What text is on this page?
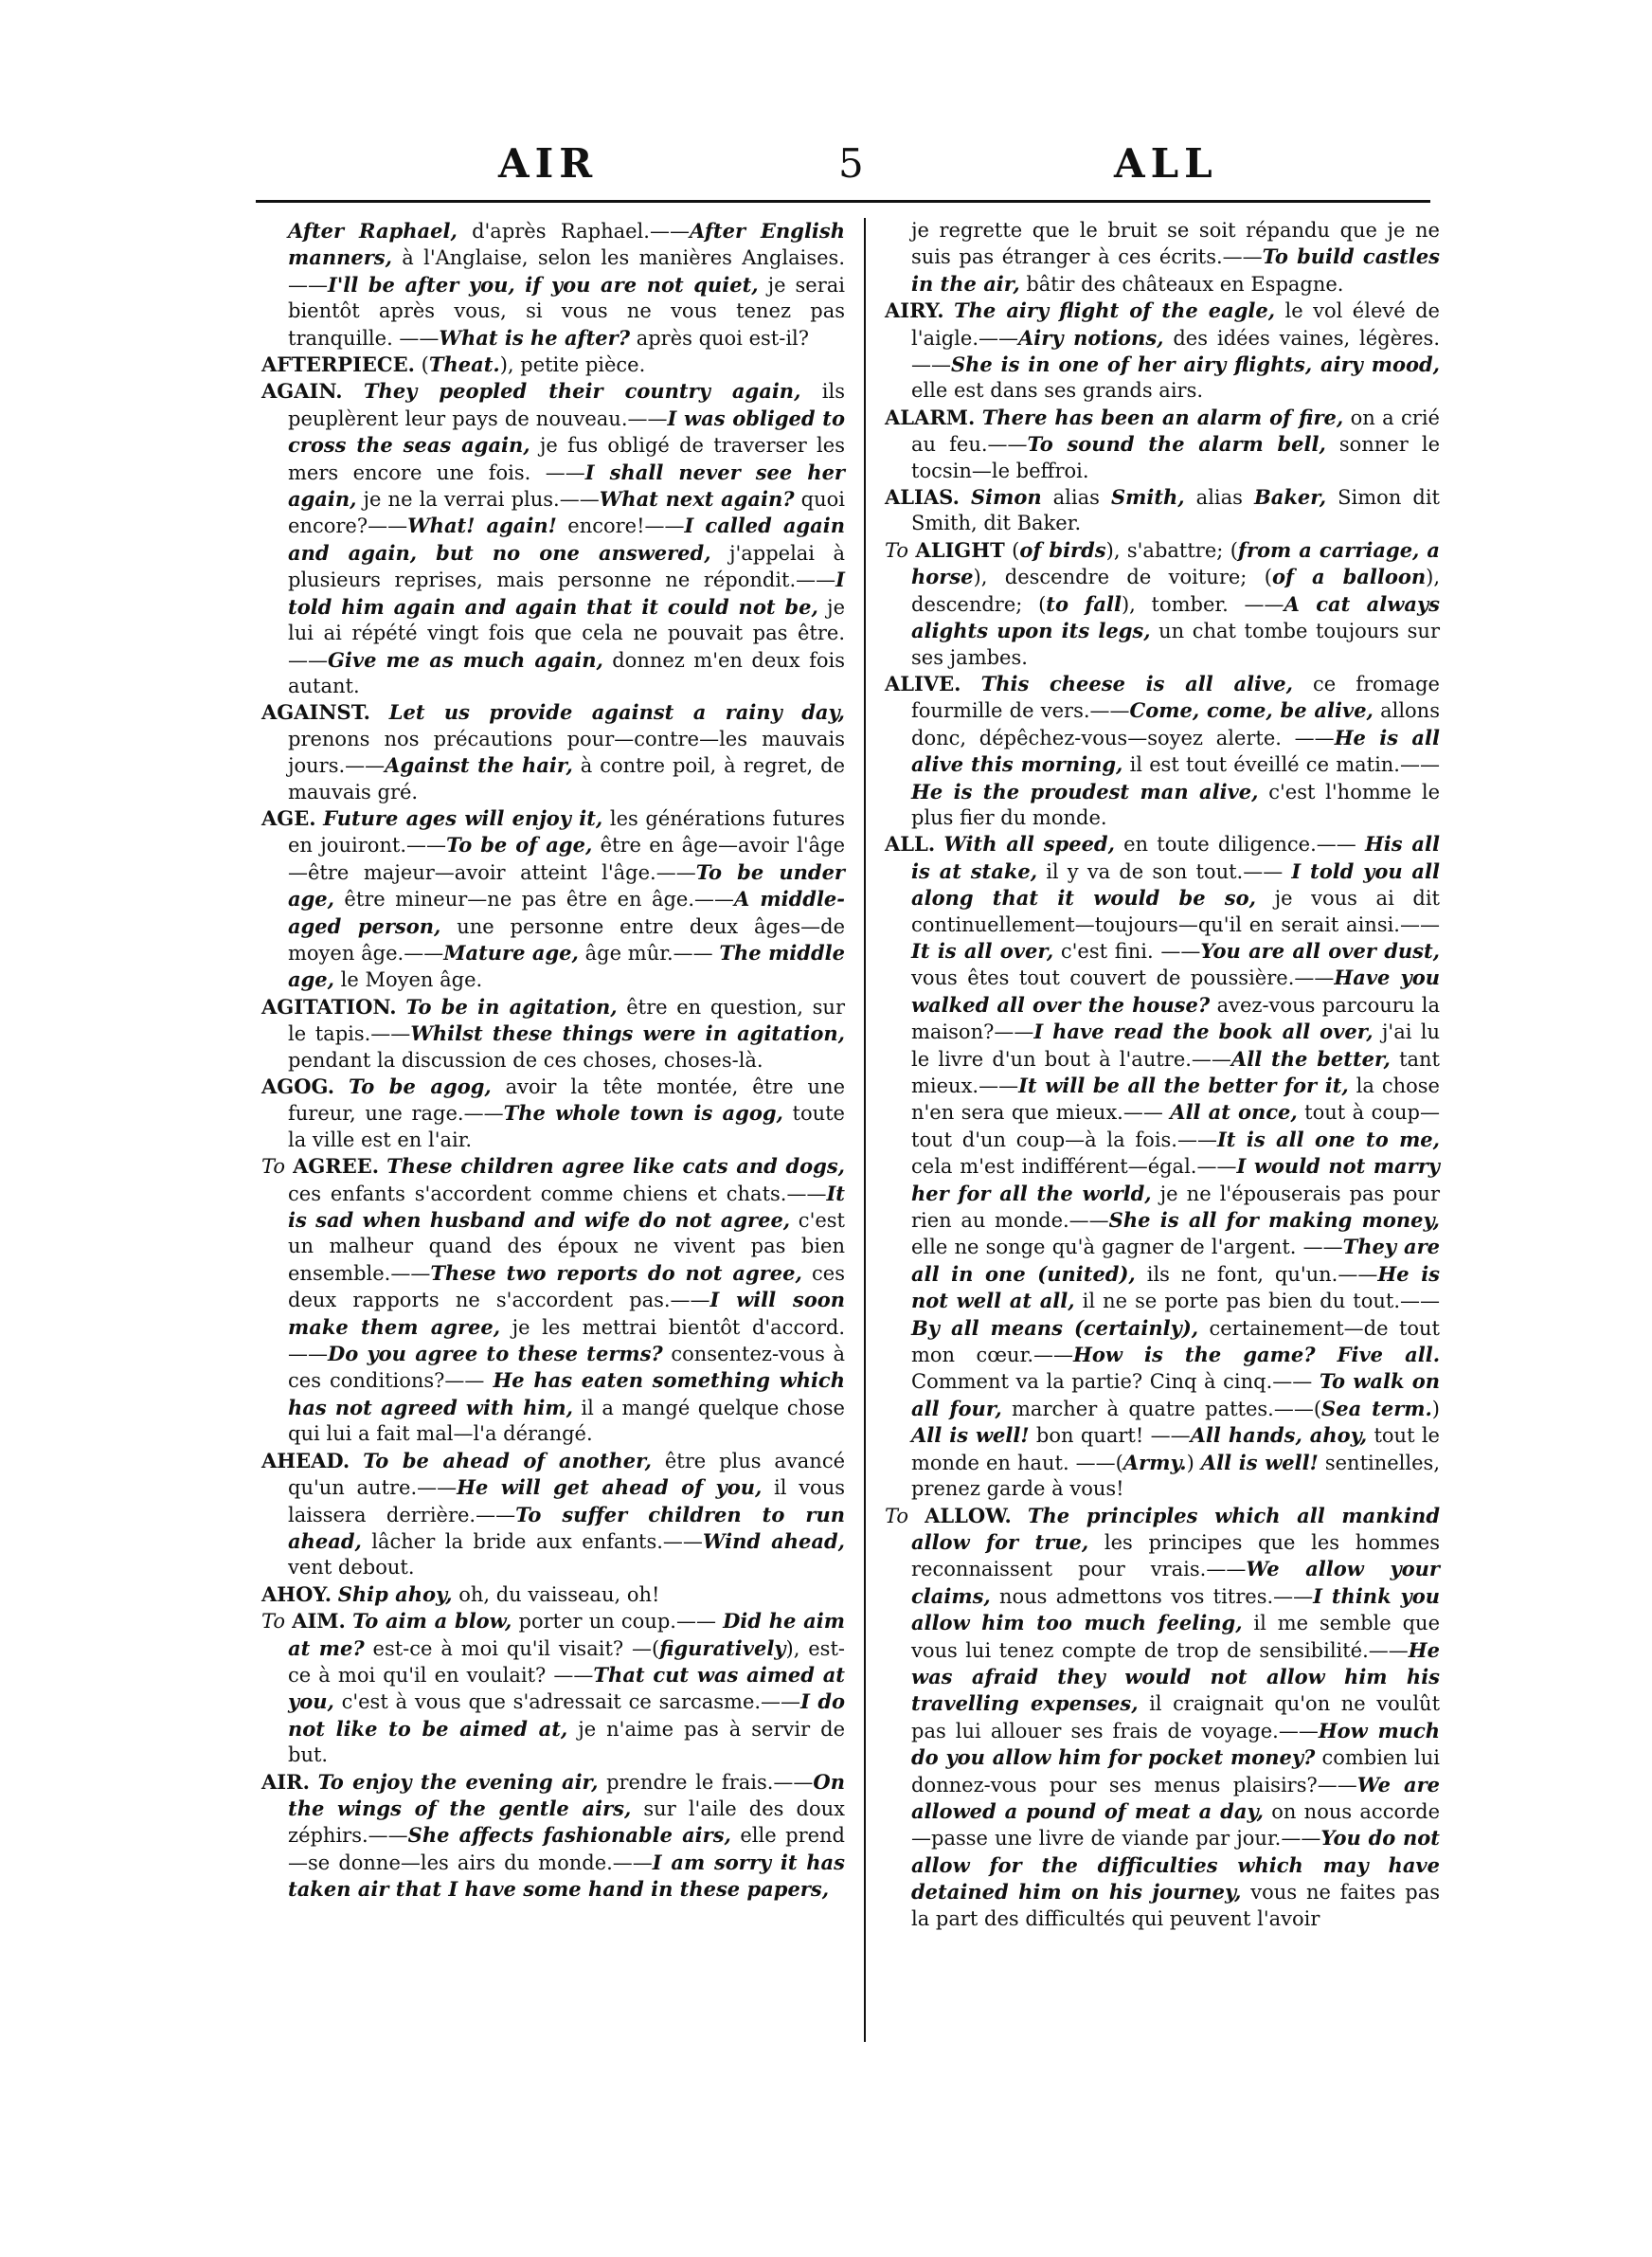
AIR	5	ALL

After Raphael, d'après Raphael.——After English manners, à l'Anglaise, selon les manières Anglaises.——I'll be after you, if you are not quiet, je serai bientôt après vous, si vous ne vous tenez pas tranquille. ——What is he after? après quoi est-il?

AFTERPIECE. (Theat.), petite pièce.

AGAIN. They peopled their country again, ils peuplèrent leur pays de nouveau.——I was obliged to cross the seas again, je fus obligé de traverser les mers encore une fois. ——I shall never see her again, je ne la verrai plus.——What next again? quoi encore?——What! again! encore!——I called again and again, but no one answered, j'appelai à plusieurs reprises, mais personne ne répondit.——I told him again and again that it could not be, je lui ai répété vingt fois que cela ne pouvait pas être. ——Give me as much again, donnez m'en deux fois autant.

AGAINST. Let us provide against a rainy day, prenons nos précautions pour—contre—les mauvais jours.——Against the hair, à contre poil, à regret, de mauvais gré.

AGE. Future ages will enjoy it, les générations futures en jouiront.——To be of age, être en âge—avoir l'âge—être majeur—avoir atteint l'âge.——To be under age, être mineur—ne pas être en âge.——A middle-aged person, une personne entre deux âges—de moyen âge.——Mature age, âge mûr.—— The middle age, le Moyen âge.

AGITATION. To be in agitation, être en question, sur le tapis.——Whilst these things were in agitation, pendant la discussion de ces choses, choses-là.

AGOG. To be agog, avoir la tête montée, être une fureur, une rage.——The whole town is agog, toute la ville est en l'air.

To AGREE. These children agree like cats and dogs, ces enfants s'accordent comme chiens et chats.——It is sad when husband and wife do not agree, c'est un malheur quand des époux ne vivent pas bien ensemble.——These two reports do not agree, ces deux rapports ne s'accordent pas.——I will soon make them agree, je les mettrai bientôt d'accord.——Do you agree to these terms? consentez-vous à ces conditions?—— He has eaten something which has not agreed with him, il a mangé quelque chose qui lui a fait mal—l'a dérangé.

AHEAD. To be ahead of another, être plus avancé qu'un autre.——He will get ahead of you, il vous laissera derrière.——To suffer children to run ahead, lâcher la bride aux enfants.——Wind ahead, vent debout.

AHOY. Ship ahoy, oh, du vaisseau, oh!

To AIM. To aim a blow, porter un coup.—— Did he aim at me? est-ce à moi qu'il visait? —(figuratively), est-ce à moi qu'il en voulait? ——That cut was aimed at you, c'est à vous que s'adressait ce sarcasme.——I do not like to be aimed at, je n'aime pas à servir de but.

AIR. To enjoy the evening air, prendre le frais.——On the wings of the gentle airs, sur l'aile des doux zéphirs.——She affects fashionable airs, elle prend—se donne—les airs du monde.——I am sorry it has taken air that I have some hand in these papers,

je regrette que le bruit se soit répandu que je ne suis pas étranger à ces écrits.——To build castles in the air, bâtir des châteaux en Espagne.

AIRY. The airy flight of the eagle, le vol élevé de l'aigle.——Airy notions, des idées vaines, légères.——She is in one of her airy flights, airy mood, elle est dans ses grands airs.

ALARM. There has been an alarm of fire, on a crié au feu.——To sound the alarm bell, sonner le tocsin—le beffroi.

ALIAS. Simon alias Smith, alias Baker, Simon dit Smith, dit Baker.

To ALIGHT (of birds), s'abattre; (from a carriage, a horse), descendre de voiture; (of a balloon), descendre; (to fall), tomber. ——A cat always alights upon its legs, un chat tombe toujours sur ses jambes.

ALIVE. This cheese is all alive, ce fromage fourmille de vers.——Come, come, be alive, allons donc, dépêchez-vous—soyez alerte. ——He is all alive this morning, il est tout éveillé ce matin.——He is the proudest man alive, c'est l'homme le plus fier du monde.

ALL. With all speed, en toute diligence.—— His all is at stake, il y va de son tout.—— I told you all along that it would be so, je vous ai dit continuellement—toujours—qu'il en serait ainsi.——It is all over, c'est fini. ——You are all over dust, vous êtes tout couvert de poussière.——Have you walked all over the house? avez-vous parcouru la maison?——I have read the book all over, j'ai lu le livre d'un bout à l'autre.——All the better, tant mieux.——It will be all the better for it, la chose n'en sera que mieux.—— All at once, tout à coup—tout d'un coup—à la fois.——It is all one to me, cela m'est indifférent—égal.——I would not marry her for all the world, je ne l'épouserais pas pour rien au monde.——She is all for making money, elle ne songe qu'à gagner de l'argent. ——They are all in one (united), ils ne font, qu'un.——He is not well at all, il ne se porte pas bien du tout.——By all means (certainly), certainement—de tout mon cœur.——How is the game? Five all. Comment va la partie? Cinq à cinq.—— To walk on all four, marcher à quatre pattes.——(Sea term.) All is well! bon quart! ——All hands, ahoy, tout le monde en haut. ——(Army.) All is well! sentinelles, prenez garde à vous!

To ALLOW. The principles which all mankind allow for true, les principes que les hommes reconnaissent pour vrais.——We allow your claims, nous admettons vos titres.——I think you allow him too much feeling, il me semble que vous lui tenez compte de trop de sensibilité.——He was afraid they would not allow him his travelling expenses, il craignait qu'on ne voulût pas lui allouer ses frais de voyage.——How much do you allow him for pocket money? combien lui donnez-vous pour ses menus plaisirs?——We are allowed a pound of meat a day, on nous accorde—passe une livre de viande par jour.——You do not allow for the difficulties which may have detained him on his journey, vous ne faites pas la part des difficultés qui peuvent l'avoir
